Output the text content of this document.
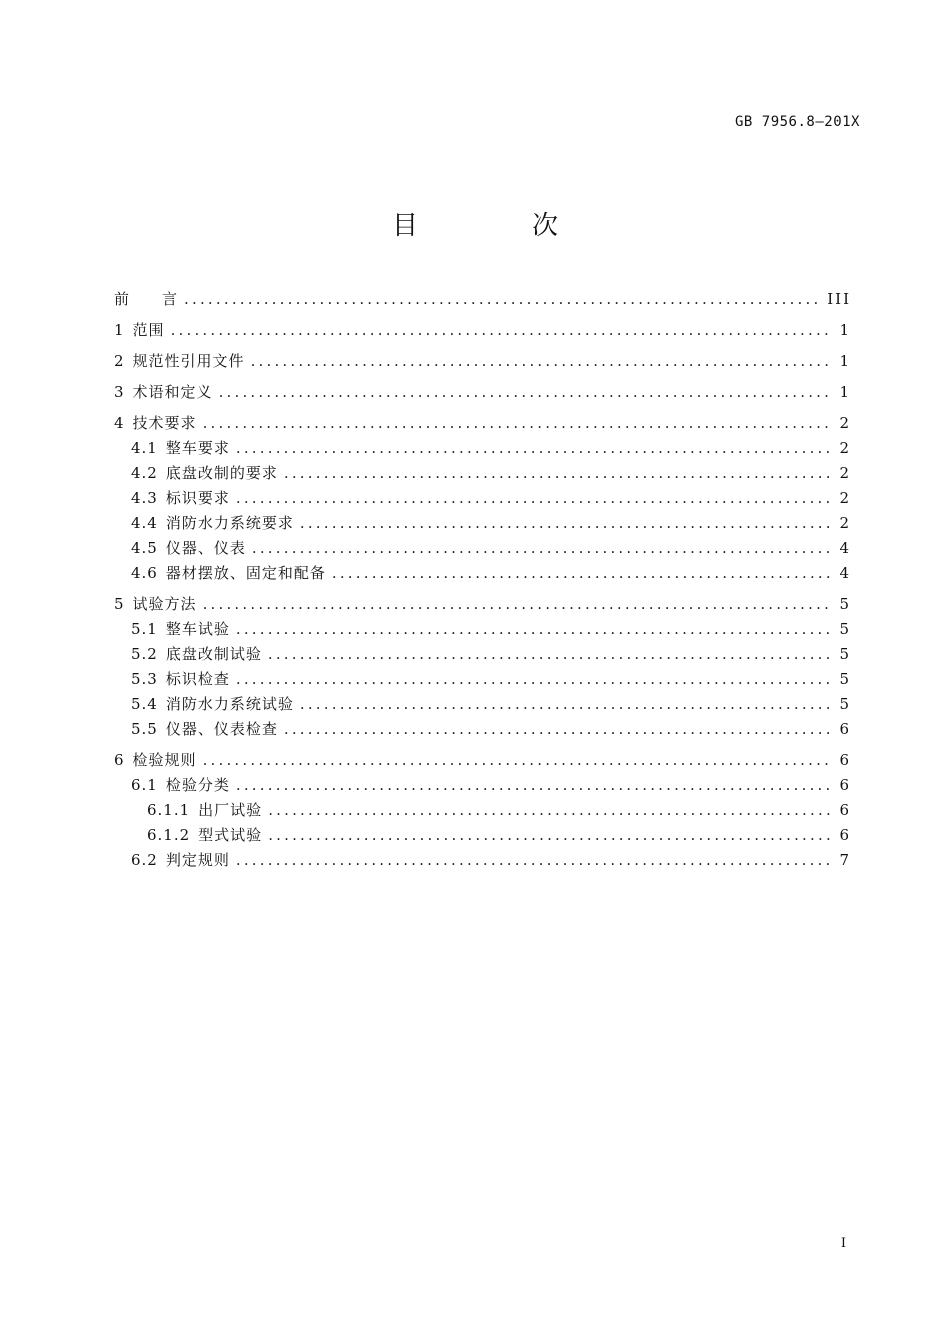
GB 7956.8—201X
目　次
前　　言 .....	III
1 范围 .....	1
2 规范性引用文件 .....	1
3 术语和定义 .....	1
4 技术要求 .....	2
4.1 整车要求 .....	2
4.2 底盘改制的要求 .....	2
4.3 标识要求 .....	2
4.4 消防水力系统要求 .....	2
4.5 仪器、仪表 .....	4
4.6 器材摆放、固定和配备 .....	4
5 试验方法 .....	5
5.1 整车试验 .....	5
5.2 底盘改制试验 .....	5
5.3 标识检查 .....	5
5.4 消防水力系统试验 .....	5
5.5 仪器、仪表检查 .....	6
6 检验规则 .....	6
6.1 检验分类 .....	6
6.1.1 出厂试验 .....	6
6.1.2 型式试验 .....	6
6.2 判定规则 .....	7
I
